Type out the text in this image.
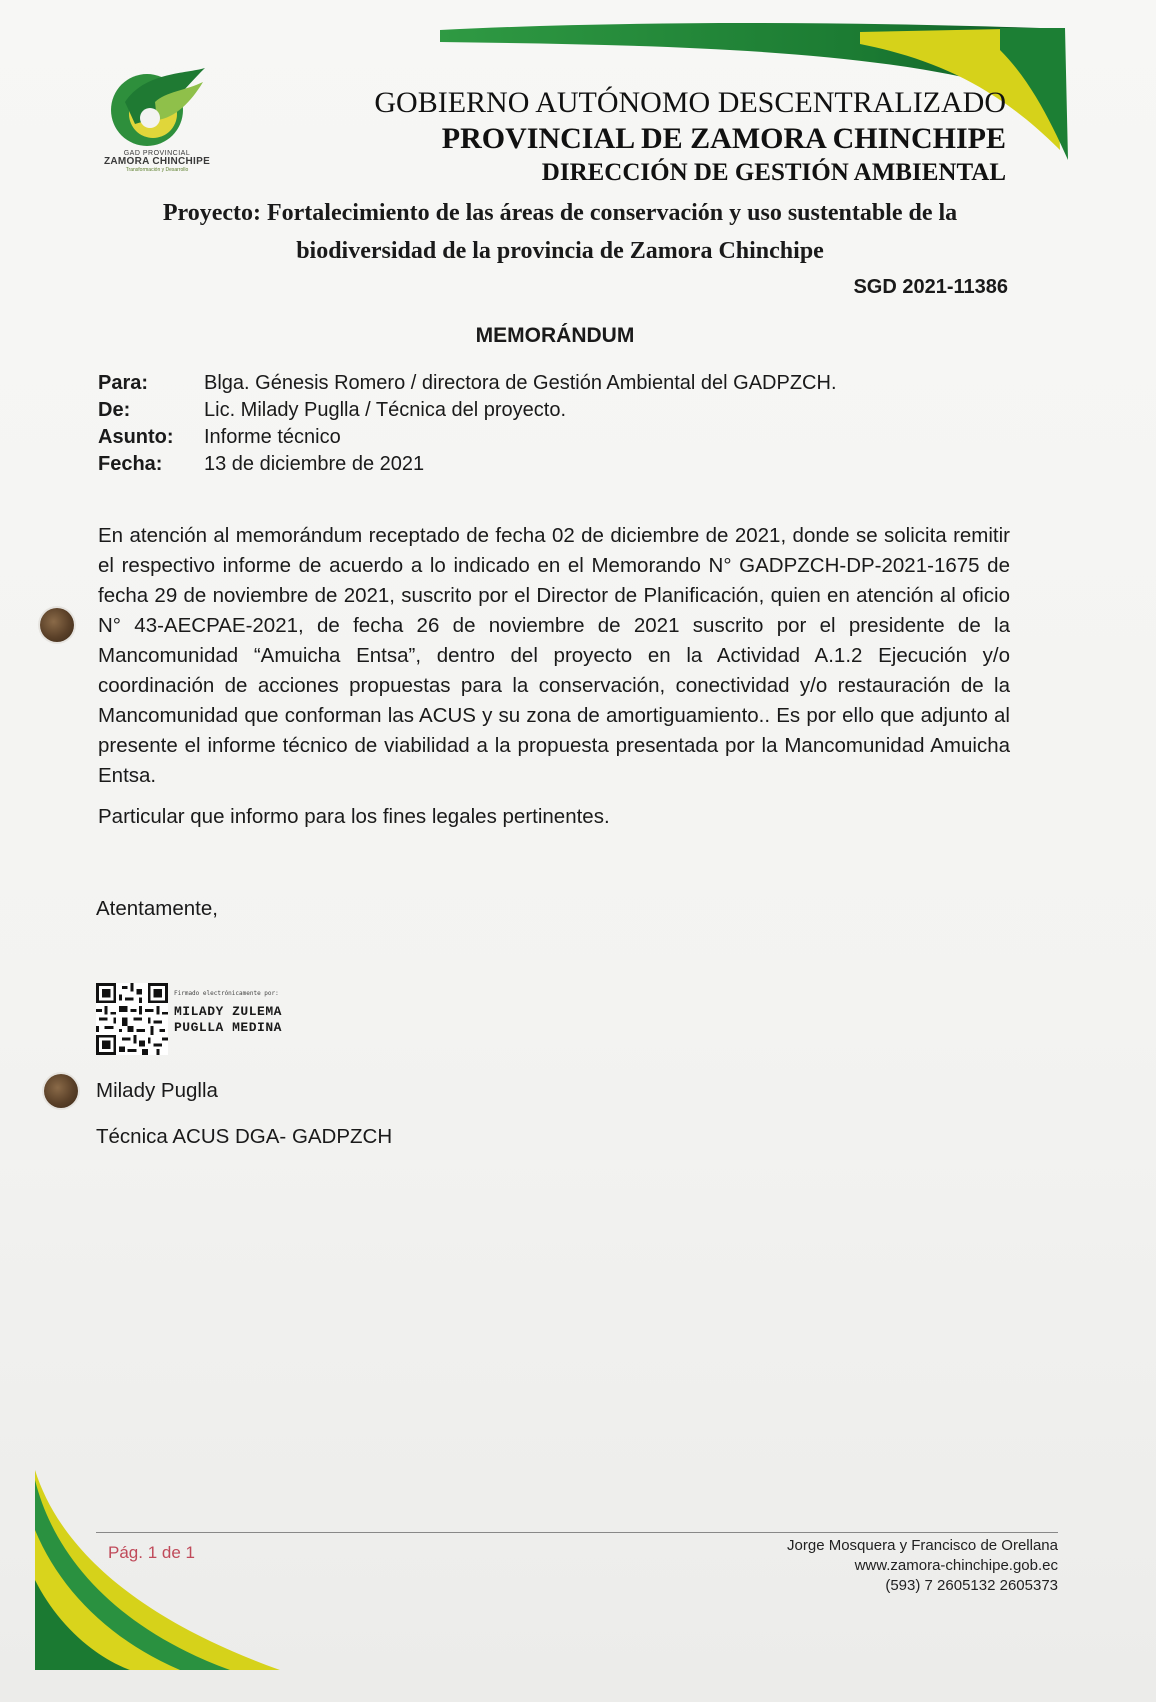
GAD PROVINCIAL
ZAMORA CHINCHIPE
Transformación y Desarrollo
GOBIERNO AUTÓNOMO DESCENTRALIZADO
PROVINCIAL DE ZAMORA CHINCHIPE
DIRECCIÓN DE GESTIÓN AMBIENTAL
Proyecto: Fortalecimiento de las áreas de conservación y uso sustentable de la
biodiversidad de la provincia de Zamora Chinchipe
SGD 2021-11386
MEMORÁNDUM
Para:	Blga. Génesis Romero / directora de Gestión Ambiental del GADPZCH.
De:	Lic. Milady Puglla / Técnica del proyecto.
Asunto:	Informe técnico
Fecha:	13 de diciembre de 2021
En atención al memorándum receptado de fecha 02 de diciembre de 2021, donde se solicita remitir el respectivo informe de acuerdo a lo indicado en el Memorando N° GADPZCH-DP-2021-1675 de fecha 29 de noviembre de 2021, suscrito por el Director de Planificación, quien en atención al oficio N° 43-AECPAE-2021, de fecha 26 de noviembre de 2021 suscrito por el presidente de la Mancomunidad “Amuicha Entsa”, dentro del proyecto en la Actividad A.1.2 Ejecución y/o coordinación de acciones propuestas para la conservación, conectividad y/o restauración de la Mancomunidad que conforman las ACUS y su zona de amortiguamiento.. Es por ello que adjunto al presente el informe técnico de viabilidad a la propuesta presentada por la Mancomunidad Amuicha Entsa.
Particular que informo para los fines legales pertinentes.
Atentamente,
Firmado electrónicamente por:
MILADY ZULEMA
PUGLLA MEDINA
Milady Puglla
Técnica ACUS DGA- GADPZCH
Pág. 1 de 1	Jorge Mosquera y Francisco de Orellana
www.zamora-chinchipe.gob.ec
(593) 7 2605132 2605373
